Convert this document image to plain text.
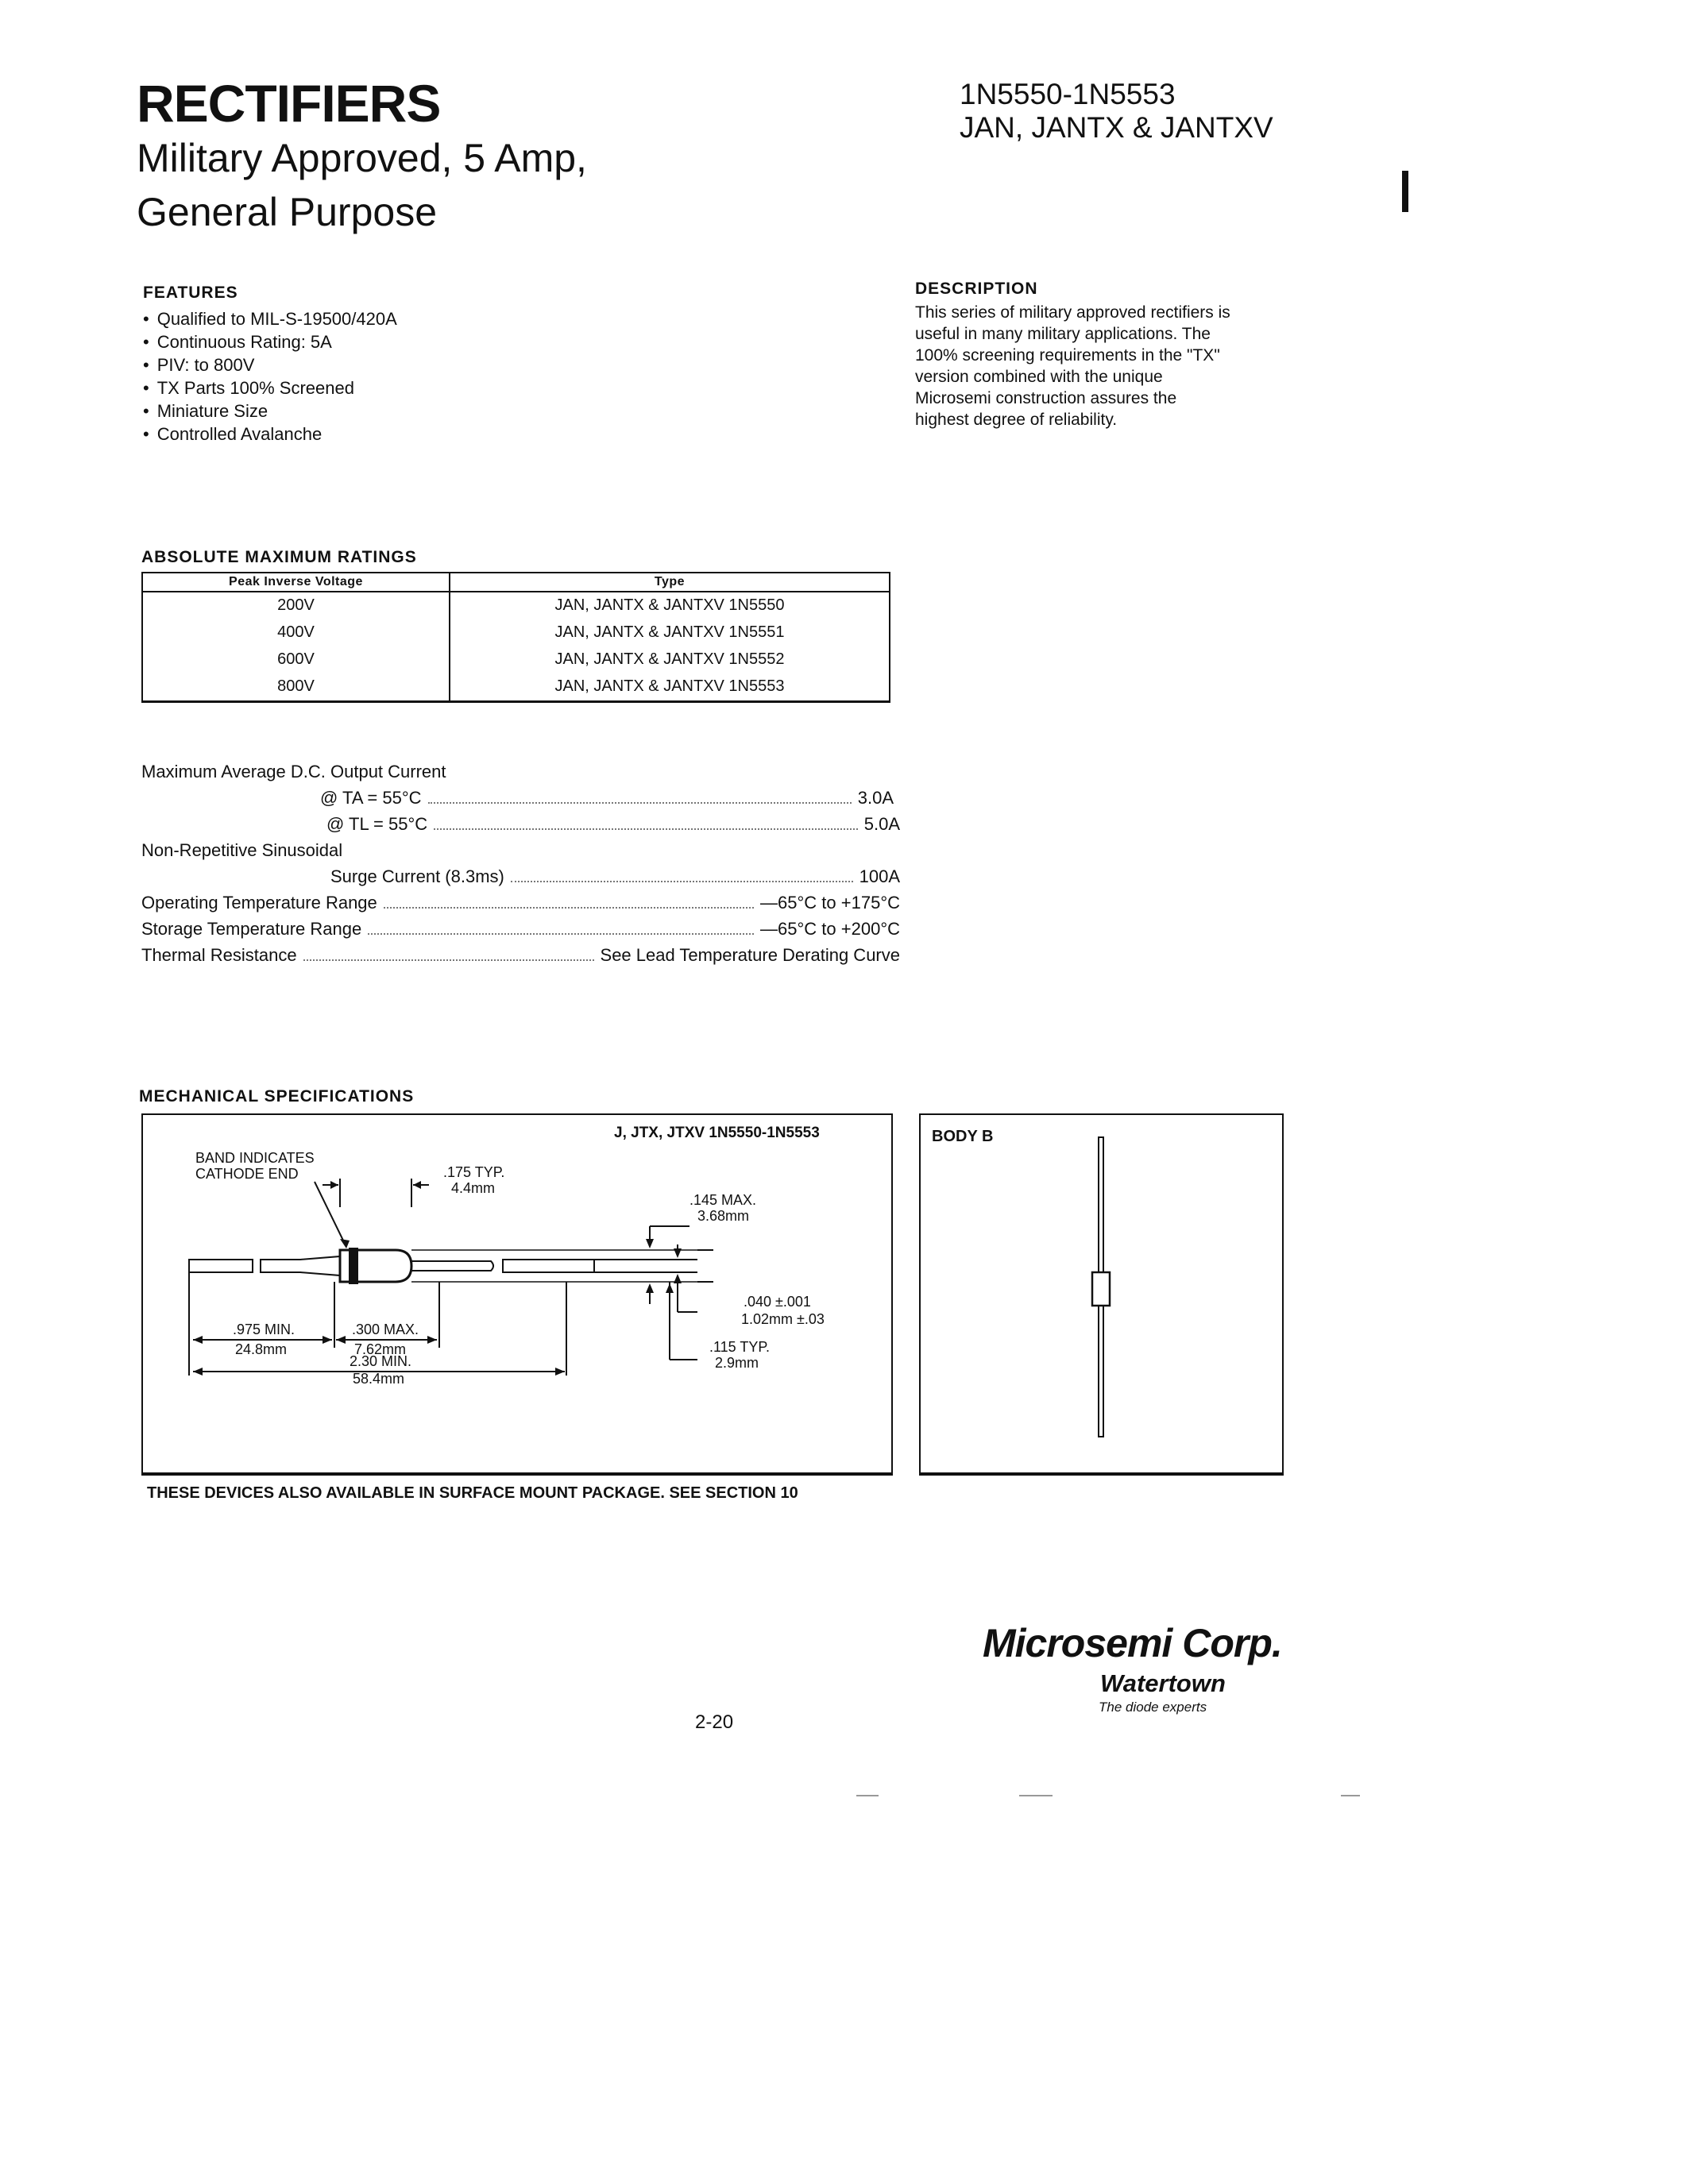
RECTIFIERS
Military Approved, 5 Amp,
General Purpose
1N5550-1N5553
JAN, JANTX & JANTXV
FEATURES
• Qualified to MIL-S-19500/420A
• Continuous Rating: 5A
• PIV: to 800V
• TX Parts 100% Screened
• Miniature Size
• Controlled Avalanche
DESCRIPTION
This series of military approved rectifiers is
useful in many military applications. The
100% screening requirements in the "TX"
version combined with the unique
Microsemi construction assures the
highest degree of reliability.
ABSOLUTE MAXIMUM RATINGS
Peak Inverse Voltage	Type
200V	JAN, JANTX & JANTXV 1N5550
400V	JAN, JANTX & JANTXV 1N5551
600V	JAN, JANTX & JANTXV 1N5552
800V	JAN, JANTX & JANTXV 1N5553
Maximum Average D.C. Output Current
@ TA = 55°C	3.0A
@ TL = 55°C	5.0A
Non-Repetitive Sinusoidal
Surge Current (8.3ms)	100A
Operating Temperature Range	—65°C to +175°C
Storage Temperature Range	—65°C to +200°C
Thermal Resistance	See Lead Temperature Derating Curve
MECHANICAL SPECIFICATIONS
J, JTX, JTXV 1N5550-1N5553
BAND INDICATES
CATHODE END	.175 TYP.
4.4mm
.145 MAX.
3.68mm
.040 ±.001
1.02mm ±.03
.115 TYP.
2.9mm
.975 MIN.
24.8mm
.300 MAX.
7.62mm
2.30 MIN.
58.4mm
BODY B
THESE DEVICES ALSO AVAILABLE IN SURFACE MOUNT PACKAGE. SEE SECTION 10
Microsemi Corp.
Watertown
The diode experts
2-20
